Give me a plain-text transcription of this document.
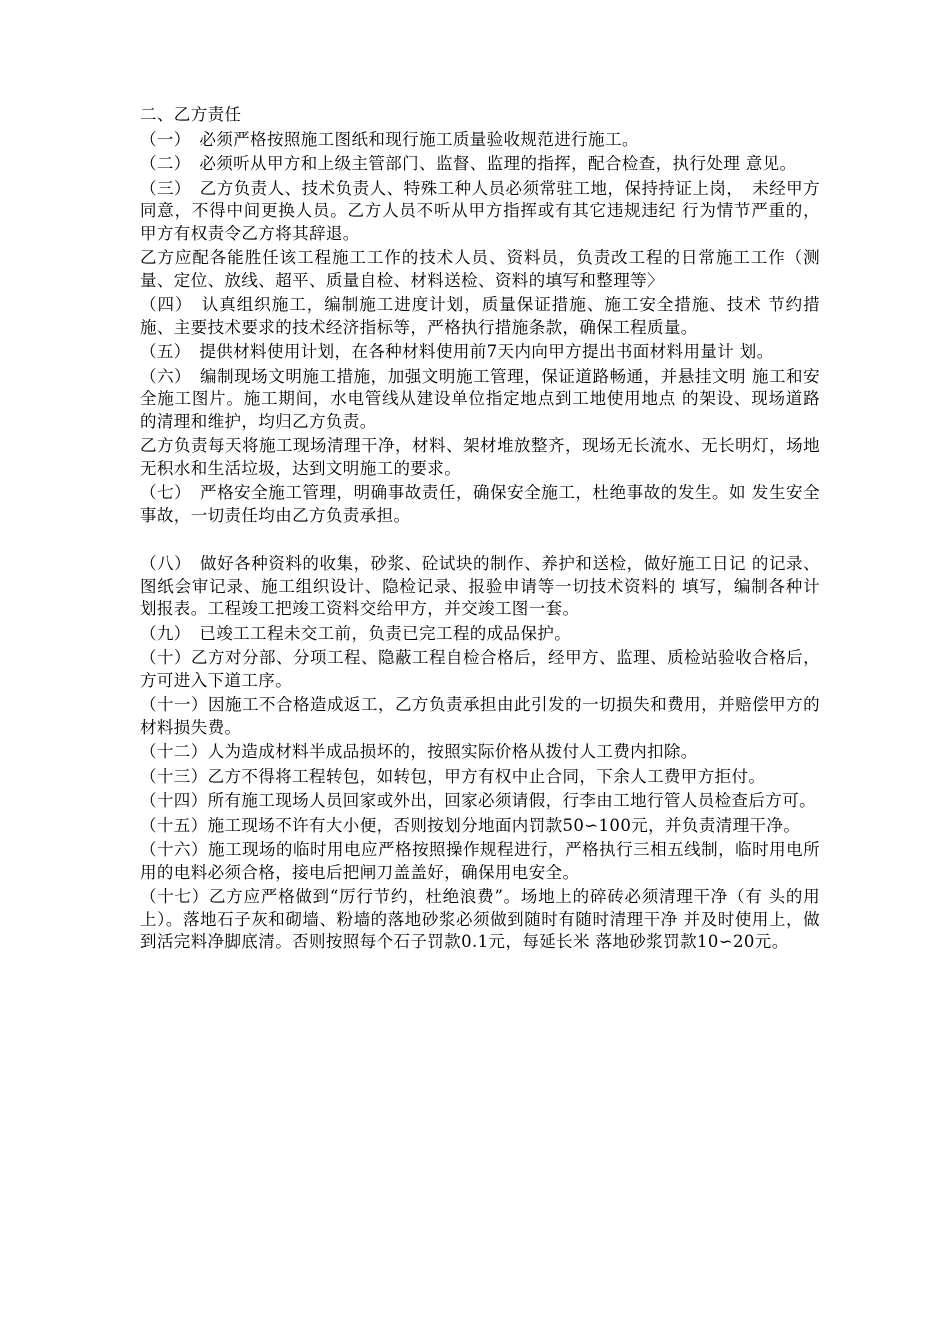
二、乙方责任

（一）　必须严格按照施工图纸和现行施工质量验收规范进行施工。

（二）　必须听从甲方和上级主管部门、监督、监理的指挥，配合检查，执行处理 意见。

（三）　乙方负责人、技术负责人、特殊工种人员必须常驻工地，保持持证上岗，　未经甲方同意，不得中间更换人员。乙方人员不听从甲方指挥或有其它违规违纪 行为情节严重的，甲方有权责令乙方将其辞退。

乙方应配各能胜任该工程施工工作的技术人员、资料员，负责改工程的日常施工工作（测量、定位、放线、超平、质量自检、材料送检、资料的填写和整理等〉

（四）　认真组织施工，编制施工进度计划，质量保证措施、施工安全措施、技术 节约措施、主要技术要求的技术经济指标等，严格执行措施条款，确保工程质量。

（五）　提供材料使用计划，在各种材料使用前7天内向甲方提出书面材料用量计 划。

（六）　编制现场文明施工措施，加强文明施工管理，保证道路畅通，并悬挂文明 施工和安全施工图片。施工期间，水电管线从建设单位指定地点到工地使用地点 的架设、现场道路的清理和维护，均归乙方负责。

乙方负责每天将施工现场清理干净，材料、架材堆放整齐，现场无长流水、无长明灯，场地无积水和生活垃圾，达到文明施工的要求。

（七）　严格安全施工管理，明确事故责任，确保安全施工，杜绝事故的发生。如 发生安全事故，一切责任均由乙方负责承担。

（八）　做好各种资料的收集，砂浆、砼试块的制作、养护和送检，做好施工日记 的记录、图纸会审记录、施工组织设计、隐检记录、报验申请等一切技术资料的 填写，编制各种计划报表。工程竣工把竣工资料交给甲方，并交竣工图一套。

（九）　已竣工工程未交工前，负责已完工程的成品保护。

（十）乙方对分部、分项工程、隐蔽工程自检合格后，经甲方、监理、质检站验收合格后，方可进入下道工序。

（十一）因施工不合格造成返工，乙方负责承担由此引发的一切损失和费用，并赔偿甲方的材料损失费。

（十二）人为造成材料半成品损坏的，按照实际价格从拨付人工费内扣除。

（十三）乙方不得将工程转包，如转包，甲方有权中止合同，下余人工费甲方拒付。

（十四）所有施工现场人员回家或外出，回家必须请假，行李由工地行管人员检查后方可。

（十五）施工现场不许有大小便，否则按划分地面内罚款50∽100元，并负责清理干净。

（十六）施工现场的临时用电应严格按照操作规程进行，严格执行三相五线制，临时用电所用的电料必须合格，接电后把闸刀盖盖好，确保用电安全。

（十七）乙方应严格做到“厉行节约，杜绝浪费”。场地上的碎砖必须清理干净（有 头的用上）。落地石子灰和砌墙、粉墙的落地砂浆必须做到随时有随时清理干净 并及时使用上，做到活完料净脚底清。否则按照每个石子罚款0.1元，每延长米 落地砂浆罚款10∽20元。
